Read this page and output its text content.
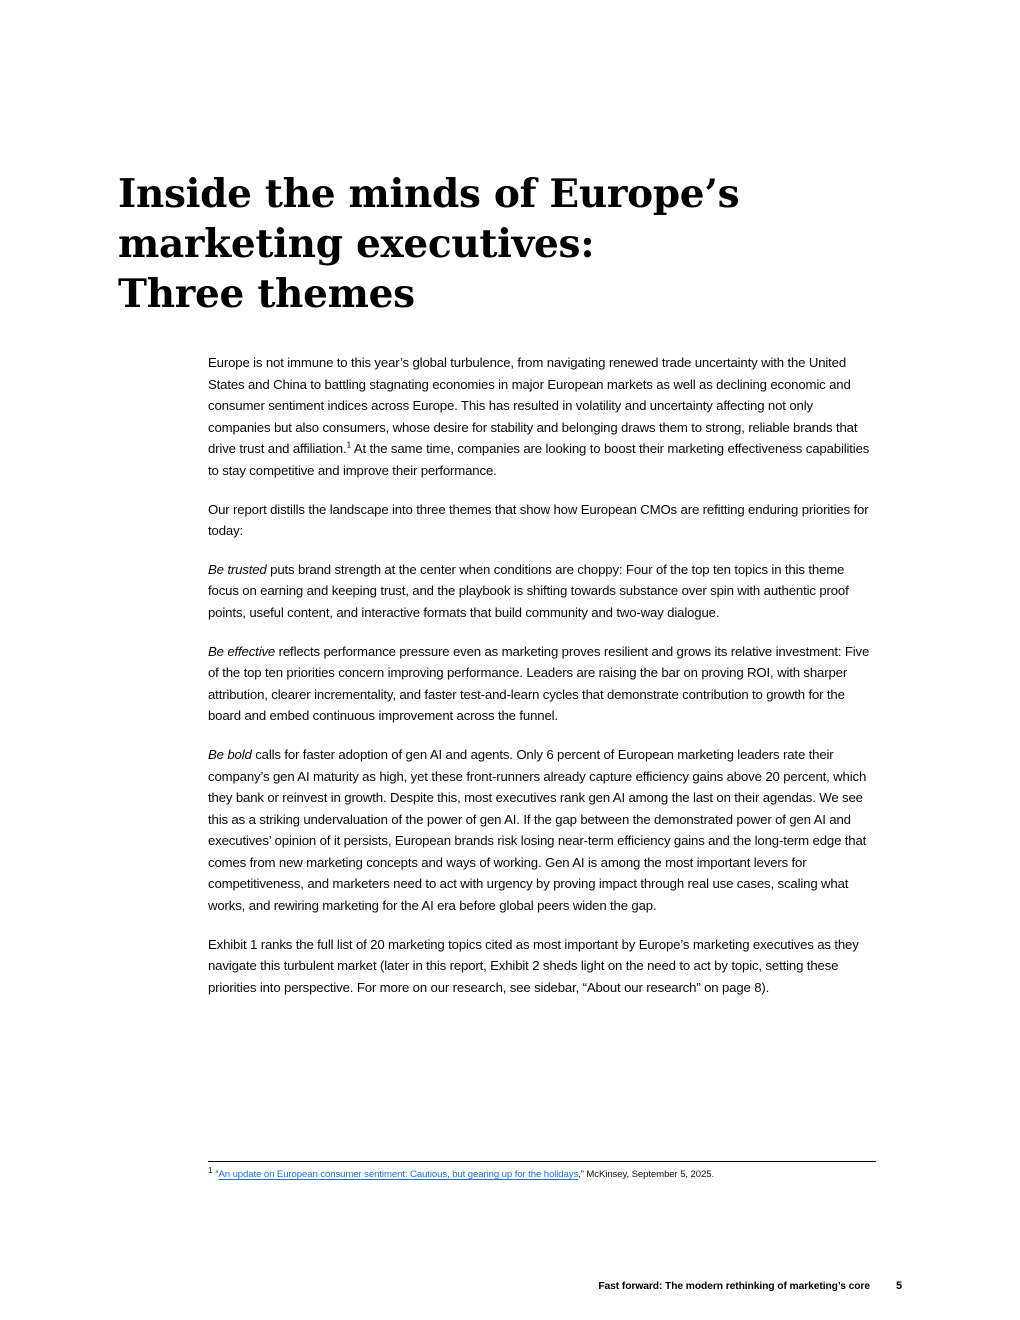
Inside the minds of Europe’s
marketing executives:
Three themes

Europe is not immune to this year’s global turbulence, from navigating renewed trade uncertainty with the United States and China to battling stagnating economies in major European markets as well as declining economic and consumer sentiment indices across Europe. This has resulted in volatility and uncertainty affecting not only companies but also consumers, whose desire for stability and belonging draws them to strong, reliable brands that drive trust and affiliation.$^1$ At the same time, companies are looking to boost their marketing effectiveness capabilities to stay competitive and improve their performance.

Our report distills the landscape into three themes that show how European CMOs are refitting enduring priorities for today:

Be trusted puts brand strength at the center when conditions are choppy: Four of the top ten topics in this theme focus on earning and keeping trust, and the playbook is shifting towards substance over spin with authentic proof points, useful content, and interactive formats that build community and two-way dialogue.

Be effective reflects performance pressure even as marketing proves resilient and grows its relative investment: Five of the top ten priorities concern improving performance. Leaders are raising the bar on proving ROI, with sharper attribution, clearer incrementality, and faster test-and-learn cycles that demonstrate contribution to growth for the board and embed continuous improvement across the funnel.

Be bold calls for faster adoption of gen AI and agents. Only 6 percent of European marketing leaders rate their company’s gen AI maturity as high, yet these front-runners already capture efficiency gains above 20 percent, which they bank or reinvest in growth. Despite this, most executives rank gen AI among the last on their agendas. We see this as a striking undervaluation of the power of gen AI. If the gap between the demonstrated power of gen AI and executives’ opinion of it persists, European brands risk losing near-term efficiency gains and the long-term edge that comes from new marketing concepts and ways of working. Gen AI is among the most important levers for competitiveness, and marketers need to act with urgency by proving impact through real use cases, scaling what works, and rewiring marketing for the AI era before global peers widen the gap.

Exhibit 1 ranks the full list of 20 marketing topics cited as most important by Europe’s marketing executives as they navigate this turbulent market (later in this report, Exhibit 2 sheds light on the need to act by topic, setting these priorities into perspective. For more on our research, see sidebar, “About our research” on page 8).

$^1$ “An update on European consumer sentiment: Cautious, but gearing up for the holidays,” McKinsey, September 5, 2025.
Fast forward: The modern rethinking of marketing’s core 5
